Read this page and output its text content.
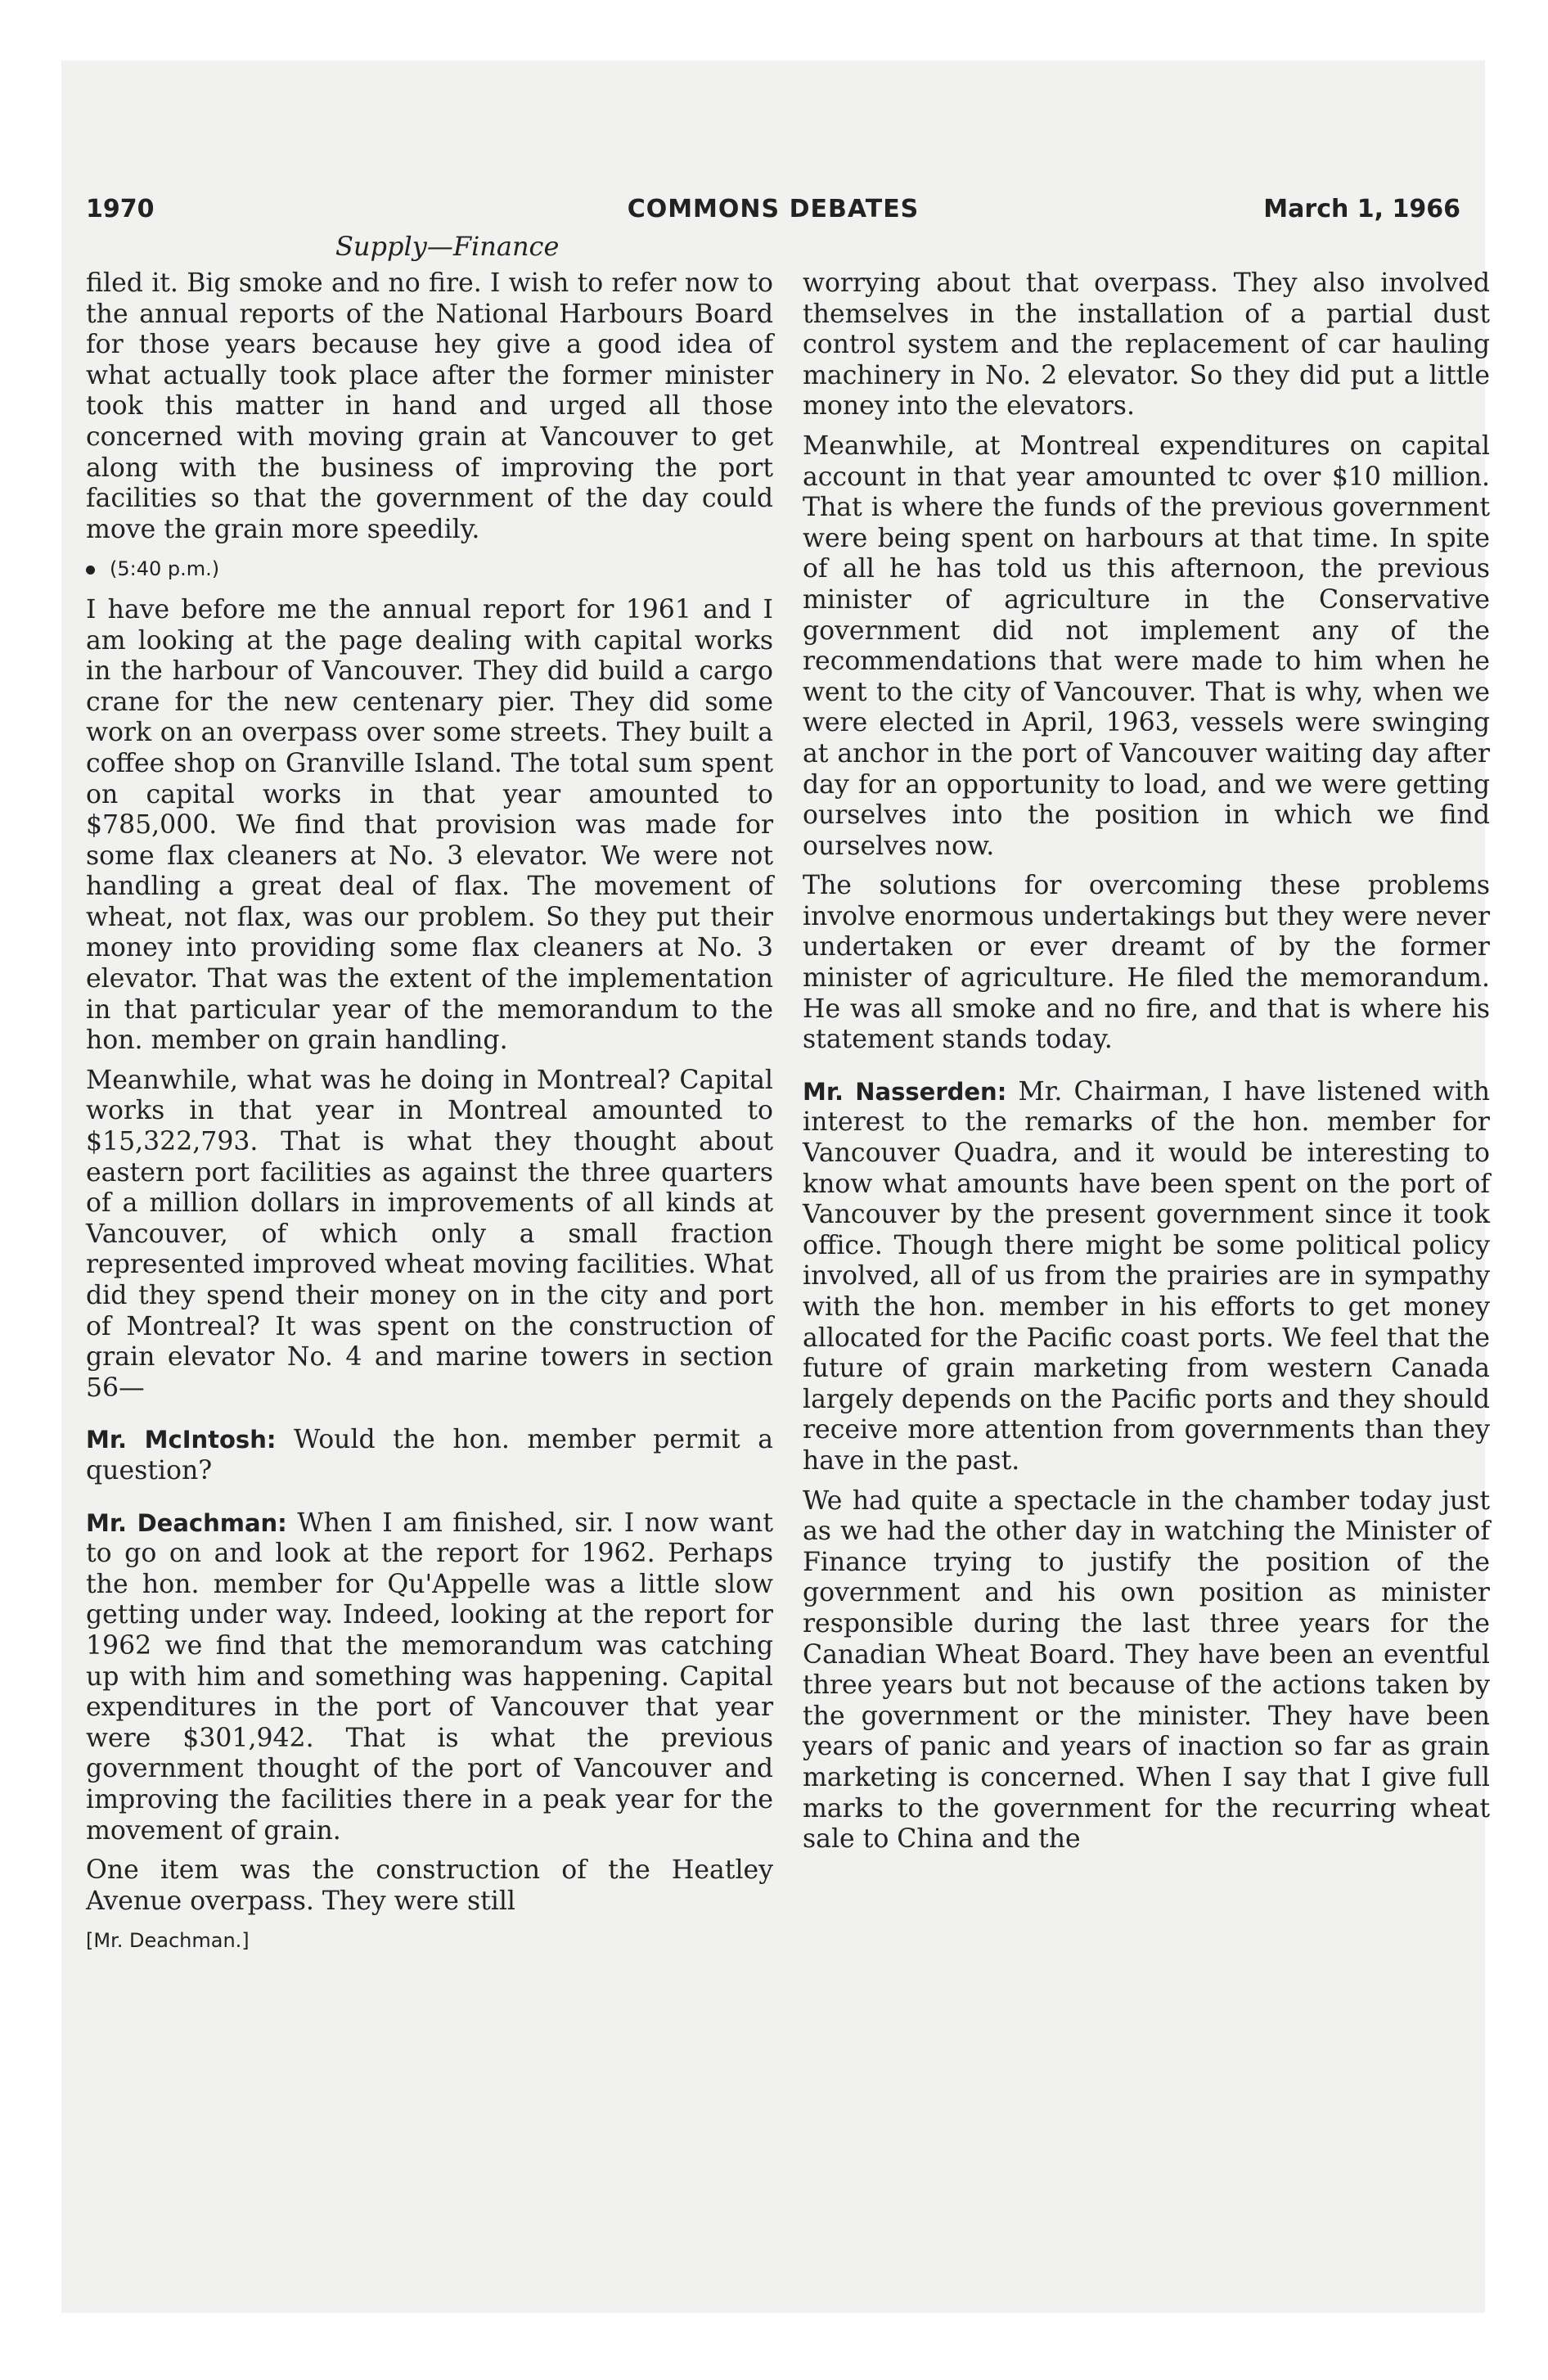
1970	COMMONS DEBATES	March 1, 1966
Supply—Finance

filed it. Big smoke and no fire. I wish to refer now to the annual reports of the National Harbours Board for those years because hey give a good idea of what actually took place after the former minister took this matter in hand and urged all those concerned with moving grain at Vancouver to get along with the business of improving the port facilities so that the government of the day could move the grain more speedily.

(5:40 p.m.)

I have before me the annual report for 1961 and I am looking at the page dealing with capital works in the harbour of Vancouver. They did build a cargo crane for the new centenary pier. They did some work on an overpass over some streets. They built a coffee shop on Granville Island. The total sum spent on capital works in that year amounted to $785,000. We find that provision was made for some flax cleaners at No. 3 elevator. We were not handling a great deal of flax. The movement of wheat, not flax, was our problem. So they put their money into providing some flax cleaners at No. 3 elevator. That was the extent of the implementation in that particular year of the memorandum to the hon. member on grain handling.

Meanwhile, what was he doing in Montreal? Capital works in that year in Montreal amounted to $15,322,793. That is what they thought about eastern port facilities as against the three quarters of a million dollars in improvements of all kinds at Vancouver, of which only a small fraction represented improved wheat moving facilities. What did they spend their money on in the city and port of Montreal? It was spent on the construction of grain elevator No. 4 and marine towers in section 56—

Mr. McIntosh: Would the hon. member permit a question?

Mr. Deachman: When I am finished, sir. I now want to go on and look at the report for 1962. Perhaps the hon. member for Qu'Appelle was a little slow getting under way. Indeed, looking at the report for 1962 we find that the memorandum was catching up with him and something was happening. Capital expenditures in the port of Vancouver that year were $301,942. That is what the previous government thought of the port of Vancouver and improving the facilities there in a peak year for the movement of grain.

One item was the construction of the Heatley Avenue overpass. They were still

[Mr. Deachman.]

worrying about that overpass. They also involved themselves in the installation of a partial dust control system and the replacement of car hauling machinery in No. 2 elevator. So they did put a little money into the elevators.

Meanwhile, at Montreal expenditures on capital account in that year amounted tc over $10 million. That is where the funds of the previous government were being spent on harbours at that time. In spite of all he has told us this afternoon, the previous minister of agriculture in the Conservative government did not implement any of the recommendations that were made to him when he went to the city of Vancouver. That is why, when we were elected in April, 1963, vessels were swinging at anchor in the port of Vancouver waiting day after day for an opportunity to load, and we were getting ourselves into the position in which we find ourselves now.

The solutions for overcoming these problems involve enormous undertakings but they were never undertaken or ever dreamt of by the former minister of agriculture. He filed the memorandum. He was all smoke and no fire, and that is where his statement stands today.

Mr. Nasserden: Mr. Chairman, I have listened with interest to the remarks of the hon. member for Vancouver Quadra, and it would be interesting to know what amounts have been spent on the port of Vancouver by the present government since it took office. Though there might be some political policy involved, all of us from the prairies are in sympathy with the hon. member in his efforts to get money allocated for the Pacific coast ports. We feel that the future of grain marketing from western Canada largely depends on the Pacific ports and they should receive more attention from governments than they have in the past.

We had quite a spectacle in the chamber today just as we had the other day in watching the Minister of Finance trying to justify the position of the government and his own position as minister responsible during the last three years for the Canadian Wheat Board. They have been an eventful three years but not because of the actions taken by the government or the minister. They have been years of panic and years of inaction so far as grain marketing is concerned. When I say that I give full marks to the government for the recurring wheat sale to China and the
